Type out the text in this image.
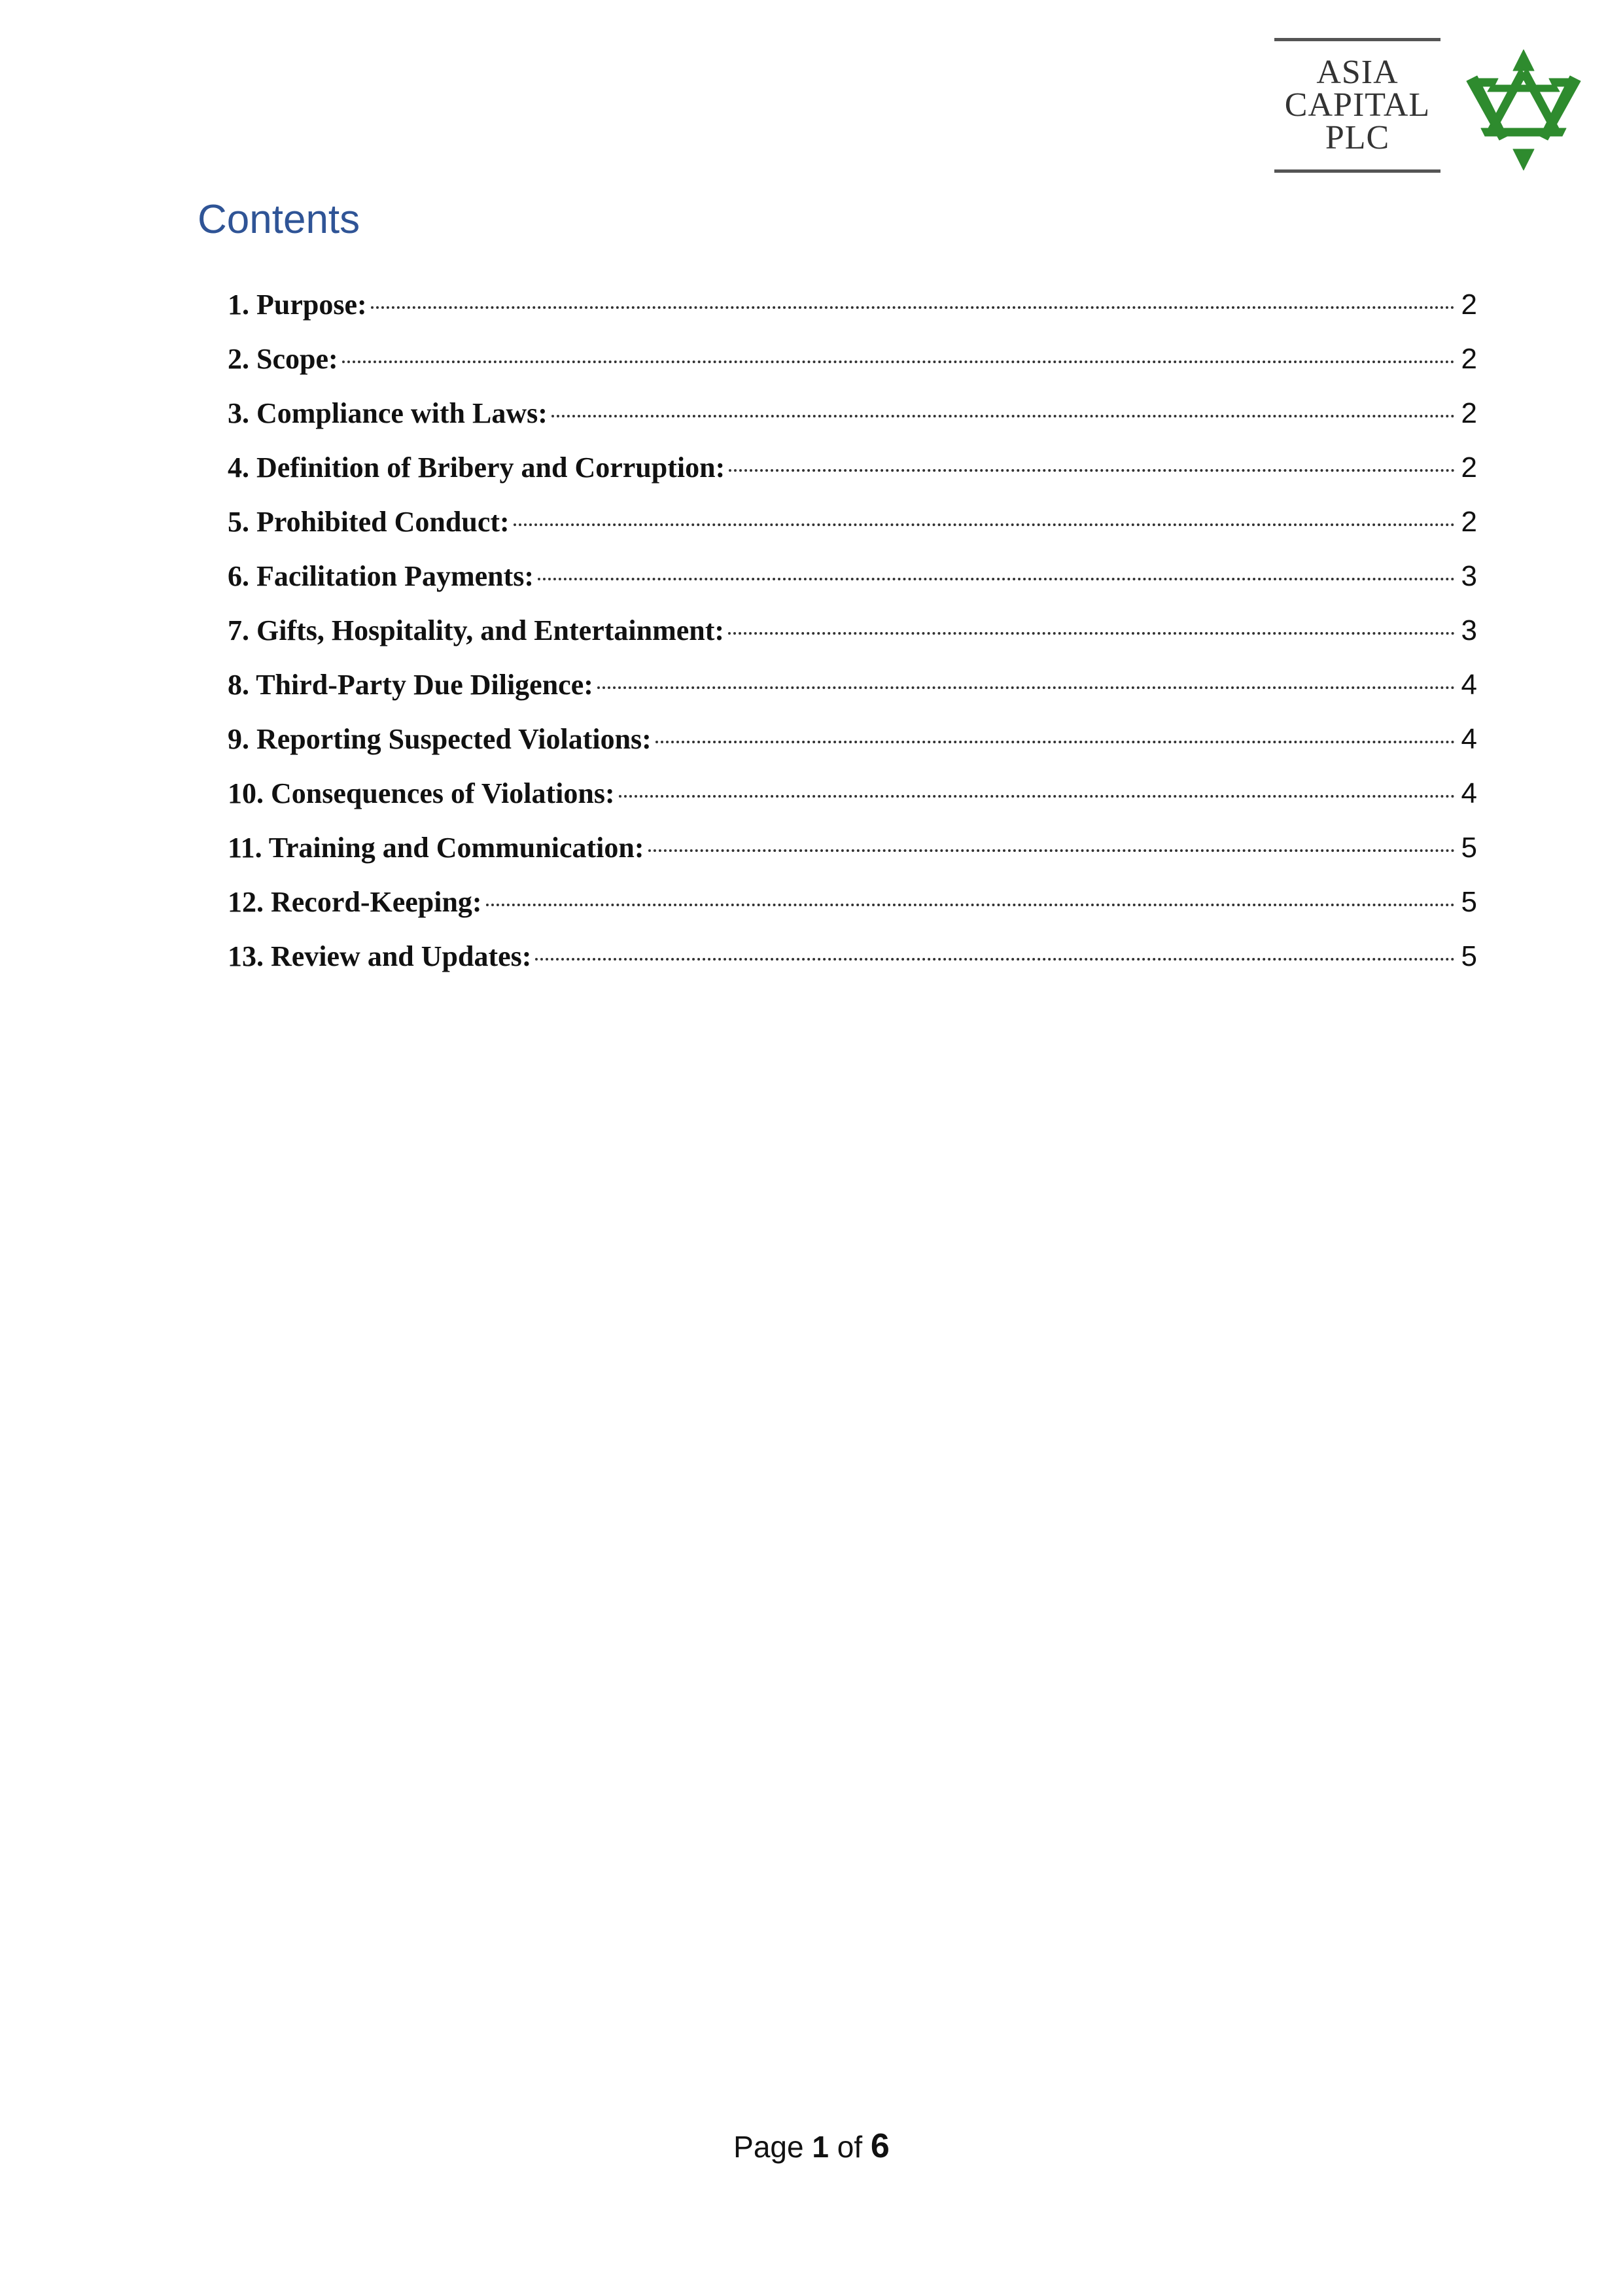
ASIA
CAPITAL
PLC
Contents
1. Purpose:	2
2. Scope:	2
3. Compliance with Laws:	2
4. Definition of Bribery and Corruption:	2
5. Prohibited Conduct:	2
6. Facilitation Payments:	3
7. Gifts, Hospitality, and Entertainment:	3
8. Third-Party Due Diligence:	4
9. Reporting Suspected Violations:	4
10. Consequences of Violations:	4
11. Training and Communication:	5
12. Record-Keeping:	5
13. Review and Updates:	5
Page 1 of 6
